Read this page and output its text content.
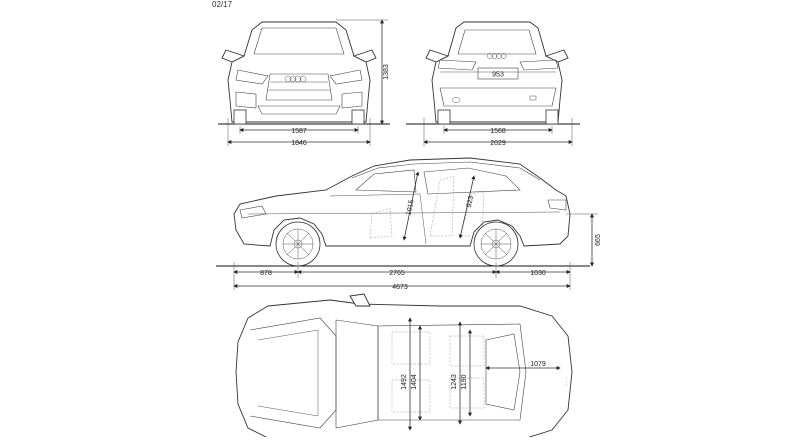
02/17
1383
1587
1846
953
1568
2029
1015	923
665
878	2765	1030
4673
· · ·
1492 1404	1243 1190
1079
